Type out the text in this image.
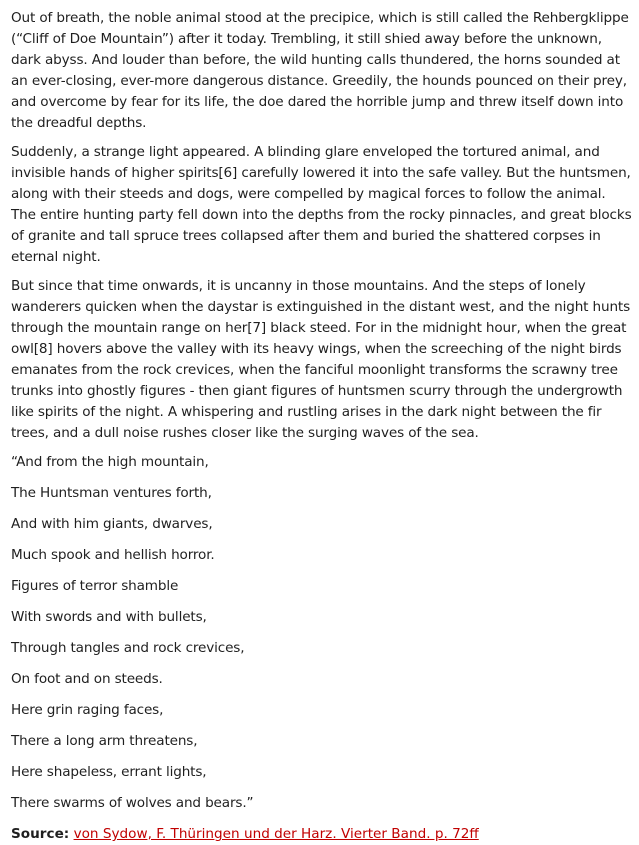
Out of breath, the noble animal stood at the precipice, which is still called the Rehbergklippe (“Cliff of Doe Mountain”) after it today. Trembling, it still shied away before the unknown, dark abyss. And louder than before, the wild hunting calls thundered, the horns sounded at an ever-closing, ever-more dangerous distance. Greedily, the hounds pounced on their prey, and overcome by fear for its life, the doe dared the horrible jump and threw itself down into the dreadful depths.

Suddenly, a strange light appeared. A blinding glare enveloped the tortured animal, and invisible hands of higher spirits[6] carefully lowered it into the safe valley. But the huntsmen, along with their steeds and dogs, were compelled by magical forces to follow the animal. The entire hunting party fell down into the depths from the rocky pinnacles, and great blocks of granite and tall spruce trees collapsed after them and buried the shattered corpses in eternal night.

But since that time onwards, it is uncanny in those mountains. And the steps of lonely wanderers quicken when the daystar is extinguished in the distant west, and the night hunts through the mountain range on her[7] black steed. For in the midnight hour, when the great owl[8] hovers above the valley with its heavy wings, when the screeching of the night birds emanates from the rock crevices, when the fanciful moonlight transforms the scrawny tree trunks into ghostly figures - then giant figures of huntsmen scurry through the undergrowth like spirits of the night. A whispering and rustling arises in the dark night between the fir trees, and a dull noise rushes closer like the surging waves of the sea.

“And from the high mountain,

The Huntsman ventures forth,

And with him giants, dwarves,

Much spook and hellish horror.

Figures of terror shamble

With swords and with bullets,

Through tangles and rock crevices,

On foot and on steeds.

Here grin raging faces,

There a long arm threatens,

Here shapeless, errant lights,

There swarms of wolves and bears.”

Source: von Sydow, F. Thüringen und der Harz. Vierter Band. p. 72ff
